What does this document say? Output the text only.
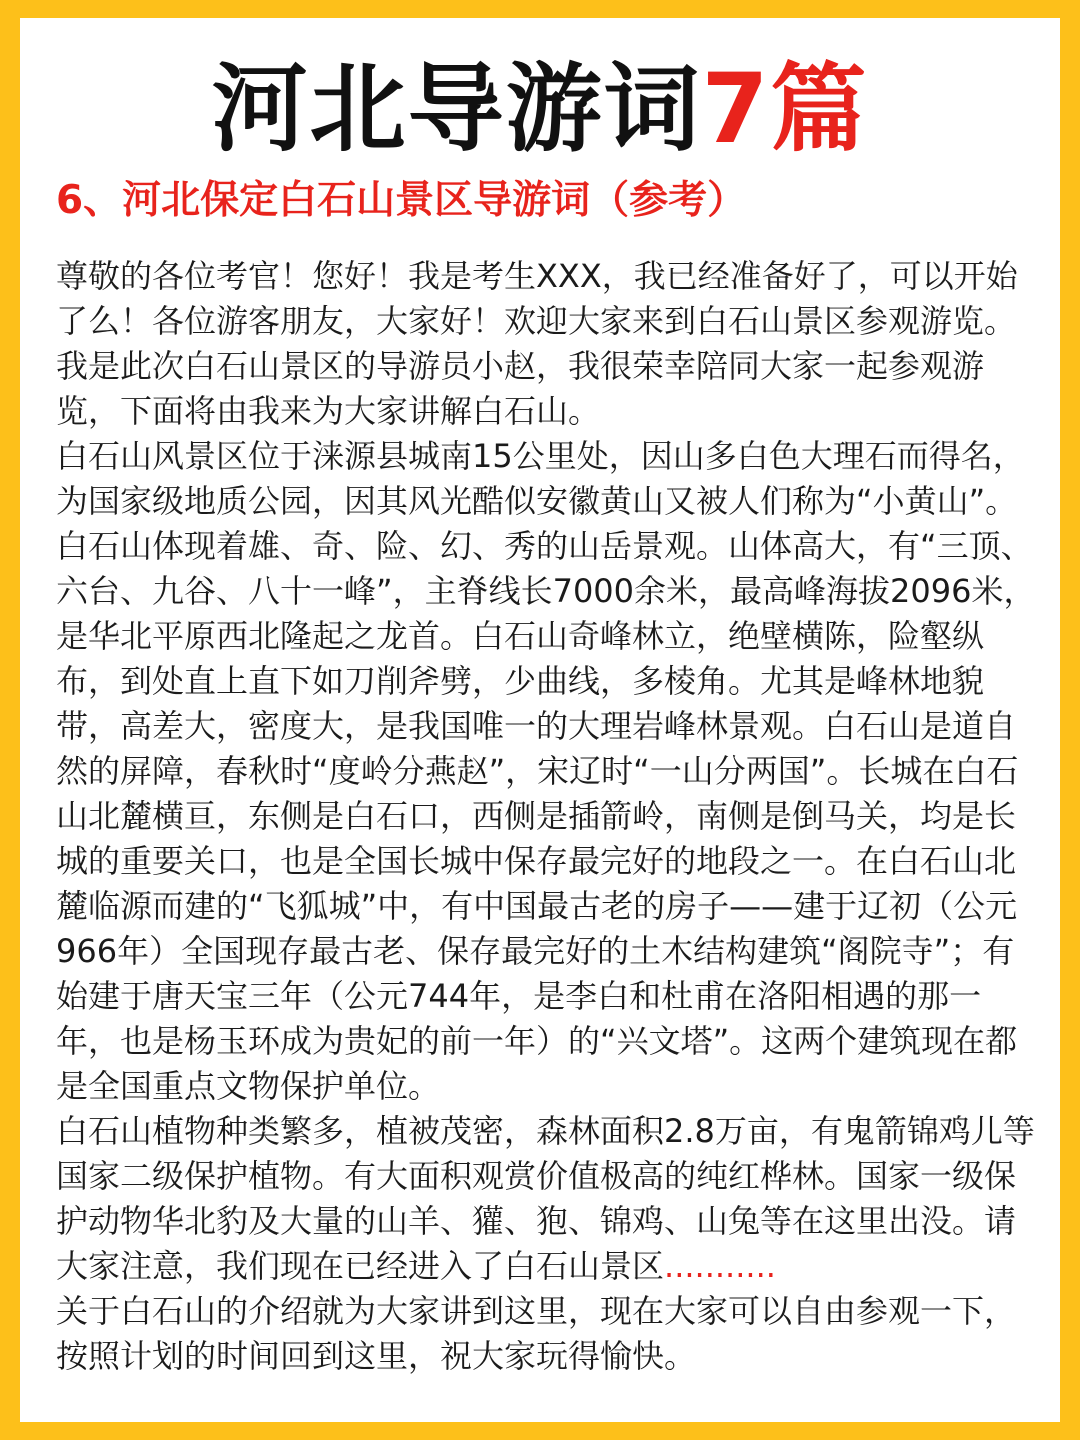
河北导游词7篇
6、河北保定白石山景区导游词（参考）

尊敬的各位考官！您好！我是考生XXX，我已经准备好了，可以开始了么！各位游客朋友，大家好！欢迎大家来到白石山景区参观游览。我是此次白石山景区的导游员小赵，我很荣幸陪同大家一起参观游览，下面将由我来为大家讲解白石山。

白石山风景区位于涞源县城南15公里处，因山多白色大理石而得名，为国家级地质公园，因其风光酷似安徽黄山又被人们称为“小黄山”。白石山体现着雄、奇、险、幻、秀的山岳景观。山体高大，有“三顶、六台、九谷、八十一峰”，主脊线长7000余米，最高峰海拔2096米，是华北平原西北隆起之龙首。白石山奇峰林立，绝壁横陈，险壑纵布，到处直上直下如刀削斧劈，少曲线，多棱角。尤其是峰林地貌带，高差大，密度大，是我国唯一的大理岩峰林景观。白石山是道自然的屏障，春秋时“度岭分燕赵”，宋辽时“一山分两国”。长城在白石山北麓横亘，东侧是白石口，西侧是插箭岭，南侧是倒马关，均是长城的重要关口，也是全国长城中保存最完好的地段之一。在白石山北麓临源而建的“飞狐城”中，有中国最古老的房子——建于辽初（公元966年）全国现存最古老、保存最完好的土木结构建筑“阁院寺”；有始建于唐天宝三年（公元744年，是李白和杜甫在洛阳相遇的那一年，也是杨玉环成为贵妃的前一年）的“兴文塔”。这两个建筑现在都是全国重点文物保护单位。

白石山植物种类繁多，植被茂密，森林面积2.8万亩，有鬼箭锦鸡儿等国家二级保护植物。有大面积观赏价值极高的纯红桦林。国家一级保护动物华北豹及大量的山羊、獾、狍、锦鸡、山兔等在这里出没。请大家注意，我们现在已经进入了白石山景区...........

关于白石山的介绍就为大家讲到这里，现在大家可以自由参观一下，按照计划的时间回到这里，祝大家玩得愉快。
